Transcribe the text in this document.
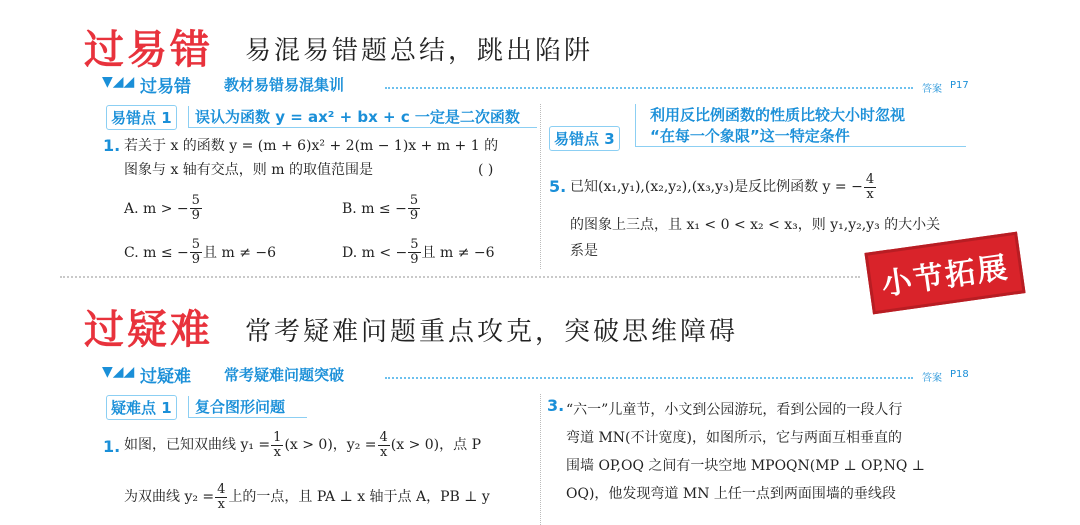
过易错 易混易错题总结，跳出陷阱
▼◢◢ 过易错 教材易错易混集训	答案 P17
易错点 1	误认为函数 y = ax² + bx + c 一定是二次函数
1. 若关于 x 的函数 y = (m + 6)x² + 2(m − 1)x + m + 1 的
图象与 x 轴有交点，则 m 的取值范围是	( )
A. m > − $\frac{5}{9}$	B. m ≤ − $\frac{5}{9}$
C. m ≤ − $\frac{5}{9}$ 且 m ≠ −6	D. m < − $\frac{5}{9}$ 且 m ≠ −6
易错点 3
利用反比例函数的性质比较大小时忽视
“在每一个象限”这一特定条件
5. 已知(x₁,y₁),(x₂,y₂),(x₃,y₃)是反比例函数 y = − $\frac{4}{x}$
的图象上三点，且 x₁ < 0 < x₂ < x₃，则 y₁,y₂,y₃ 的大小关
系是	小节拓展
过疑难 常考疑难问题重点攻克，突破思维障碍
▼◢◢ 过疑难 常考疑难问题突破	答案 P18
疑难点 1	复合图形问题
1. 如图，已知双曲线 $y_1 = \frac{1}{x} (x > 0)$，$y_2 = \frac{4}{x} (x > 0)$，点 P
为双曲线 $y_2 = \frac{4}{x}$ 上的一点，且 PA ⊥ x 轴于点 A，PB ⊥ y
3. “六一”儿童节，小文到公园游玩，看到公园的一段人行
弯道 MN(不计宽度)，如图所示，它与两面互相垂直的
围墙 OP,OQ 之间有一块空地 MPOQN(MP ⊥ OP,NQ ⊥
OQ)，他发现弯道 MN 上任一点到两面围墙的垂线段
